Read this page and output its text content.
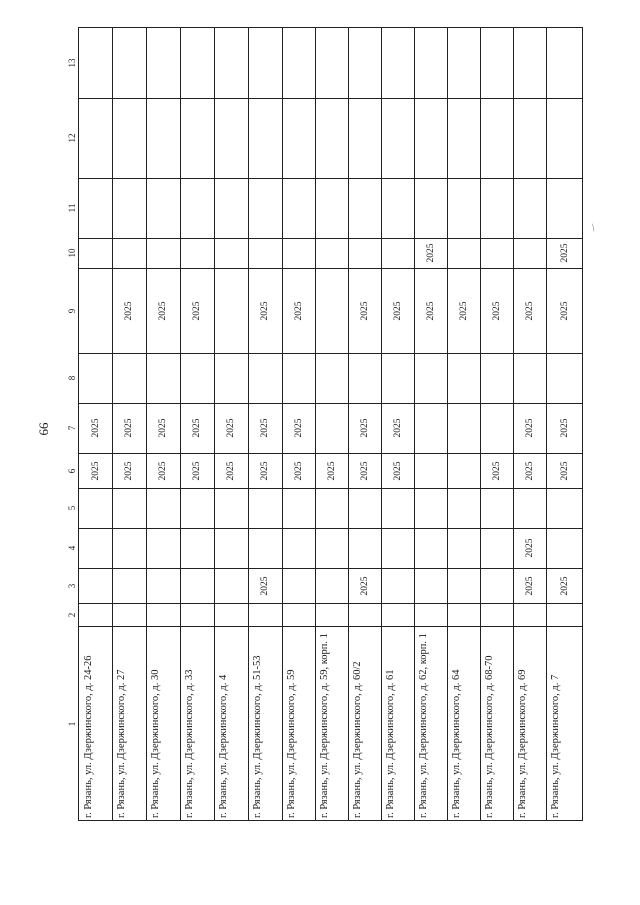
66
13
12
11
10
9
8
7
6
5
4
3
2
1 г. Рязань, ул. Дзержинского, д. 24-26
2025
2025
г. Рязань, ул. Дзержинского, д. 27
2025
2025
2025
г. Рязань, ул. Дзержинского, д. 30
2025
2025
2025
г. Рязань, ул. Дзержинского, д. 33
2025
2025
2025
г. Рязань, ул. Дзержинского, д. 4
2025
2025
г. Рязань, ул. Дзержинского, д. 51-53
2025
2025
2025
2025
г. Рязань, ул. Дзержинского, д. 59
2025
2025
2025
г. Рязань, ул. Дзержинского, д. 59, корп. 1
2025
г. Рязань, ул. Дзержинского, д. 60/2
2025
2025
2025
2025
г. Рязань, ул. Дзержинского, д. 61
2025
2025
2025
г. Рязань, ул. Дзержинского, д. 62, корп. 1
2025
2025
г. Рязань, ул. Дзержинского, д. 64
2025
г. Рязань, ул. Дзержинского, д. 68-70
2025
2025
г. Рязань, ул. Дзержинского, д. 69
2025
2025
2025
2025
2025
г. Рязань, ул. Дзержинского, д. 7
2025
2025
2025
2025
2025
/
